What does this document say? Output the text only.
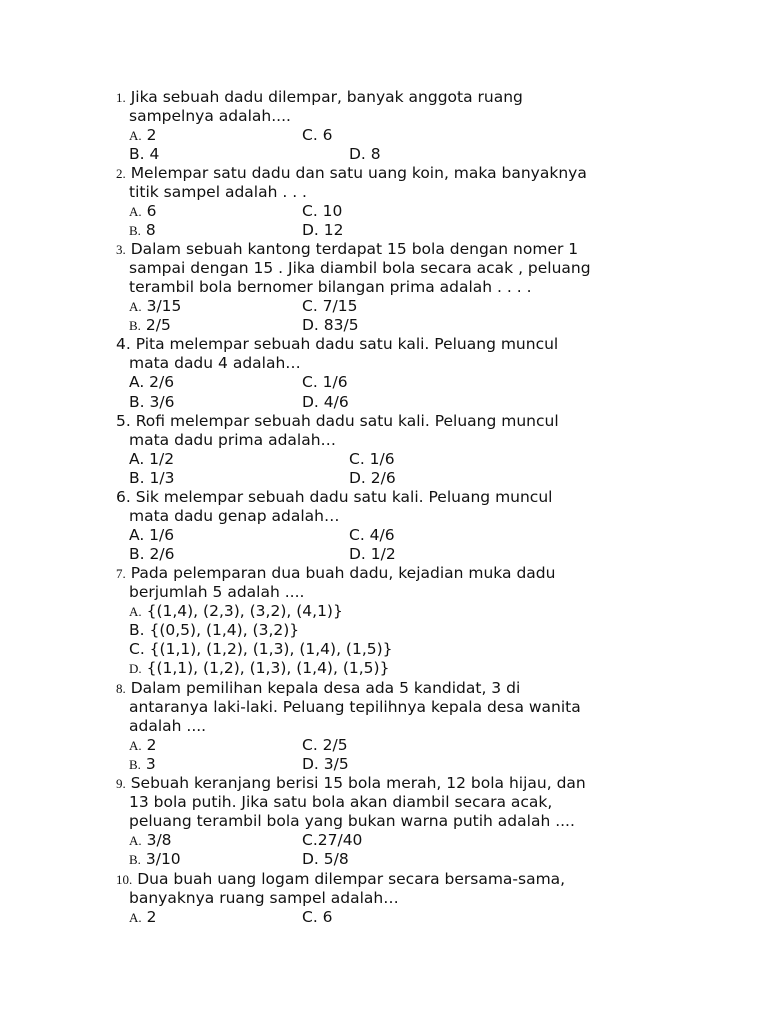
1. Jika sebuah dadu dilempar, banyak anggota ruang
sampelnya adalah....
A. 2	C. 6
B. 4	D. 8
2. Melempar satu dadu dan satu uang koin, maka banyaknya
titik sampel adalah . . .
A. 6	C. 10
B. 8	D. 12
3. Dalam sebuah kantong terdapat 15 bola dengan nomer 1
sampai dengan 15 . Jika diambil bola secara acak , peluang
terambil bola bernomer bilangan prima adalah . . . .
A. 3/15	C. 7/15
B. 2/5	D. 83/5
4. Pita melempar sebuah dadu satu kali. Peluang muncul
mata dadu 4 adalah…
A. 2/6	C. 1/6
B. 3/6	D. 4/6
5. Rofi melempar sebuah dadu satu kali. Peluang muncul
mata dadu prima adalah…
A. 1/2	C. 1/6
B. 1/3	D. 2/6
6. Sik melempar sebuah dadu satu kali. Peluang muncul
mata dadu genap adalah…
A. 1/6	C. 4/6
B. 2/6	D. 1/2
7. Pada pelemparan dua buah dadu, kejadian muka dadu
berjumlah 5 adalah ....
A. {(1,4), (2,3), (3,2), (4,1)}
B. {(0,5), (1,4), (3,2)}
C. {(1,1), (1,2), (1,3), (1,4), (1,5)}
D. {(1,1), (1,2), (1,3), (1,4), (1,5)}
8. Dalam pemilihan kepala desa ada 5 kandidat, 3 di
antaranya laki-laki. Peluang tepilihnya kepala desa wanita
adalah ....
A. 2	C. 2/5
B. 3	D. 3/5
9. Sebuah keranjang berisi 15 bola merah, 12 bola hijau, dan
13 bola putih. Jika satu bola akan diambil secara acak,
peluang terambil bola yang bukan warna putih adalah ....
A. 3/8	C.27/40
B. 3/10	D. 5/8
10. Dua buah uang logam dilempar secara bersama-sama,
banyaknya ruang sampel adalah…
A. 2	C. 6
